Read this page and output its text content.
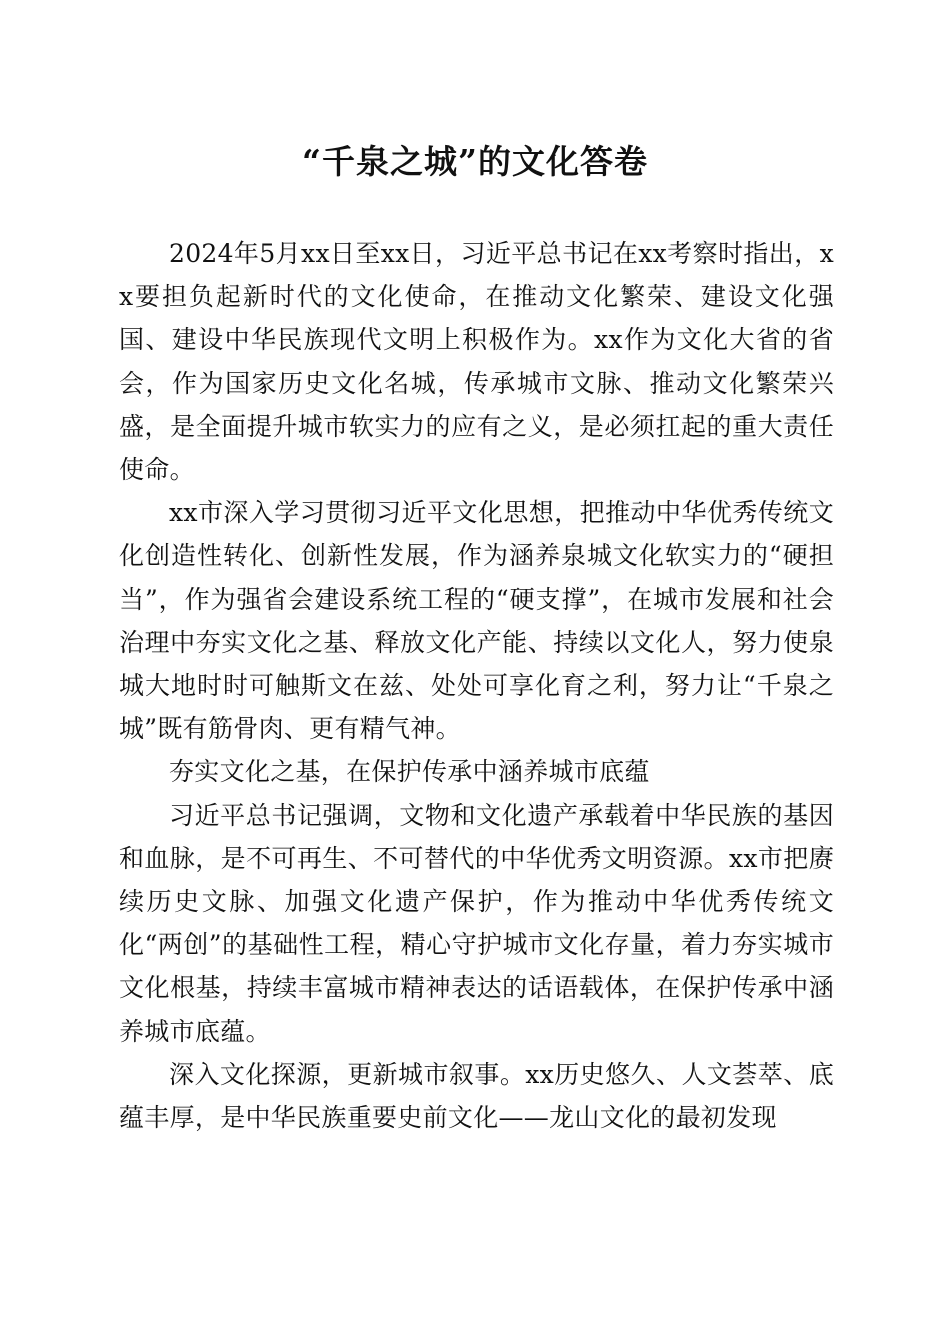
“千泉之城”的文化答卷

2024年5月xx日至xx日，习近平总书记在xx考察时指出，xx要担负起新时代的文化使命，在推动文化繁荣、建设文化强国、建设中华民族现代文明上积极作为。xx作为文化大省的省会，作为国家历史文化名城，传承城市文脉、推动文化繁荣兴盛，是全面提升城市软实力的应有之义，是必须扛起的重大责任使命。

xx市深入学习贯彻习近平文化思想，把推动中华优秀传统文化创造性转化、创新性发展，作为涵养泉城文化软实力的“硬担当”，作为强省会建设系统工程的“硬支撑”，在城市发展和社会治理中夯实文化之基、释放文化产能、持续以文化人，努力使泉城大地时时可触斯文在兹、处处可享化育之利，努力让“千泉之城”既有筋骨肉、更有精气神。

夯实文化之基，在保护传承中涵养城市底蕴

习近平总书记强调，文物和文化遗产承载着中华民族的基因和血脉，是不可再生、不可替代的中华优秀文明资源。xx市把赓续历史文脉、加强文化遗产保护，作为推动中华优秀传统文化“两创”的基础性工程，精心守护城市文化存量，着力夯实城市文化根基，持续丰富城市精神表达的话语载体，在保护传承中涵养城市底蕴。

深入文化探源，更新城市叙事。xx历史悠久、人文荟萃、底蕴丰厚，是中华民族重要史前文化——龙山文化的最初发现
